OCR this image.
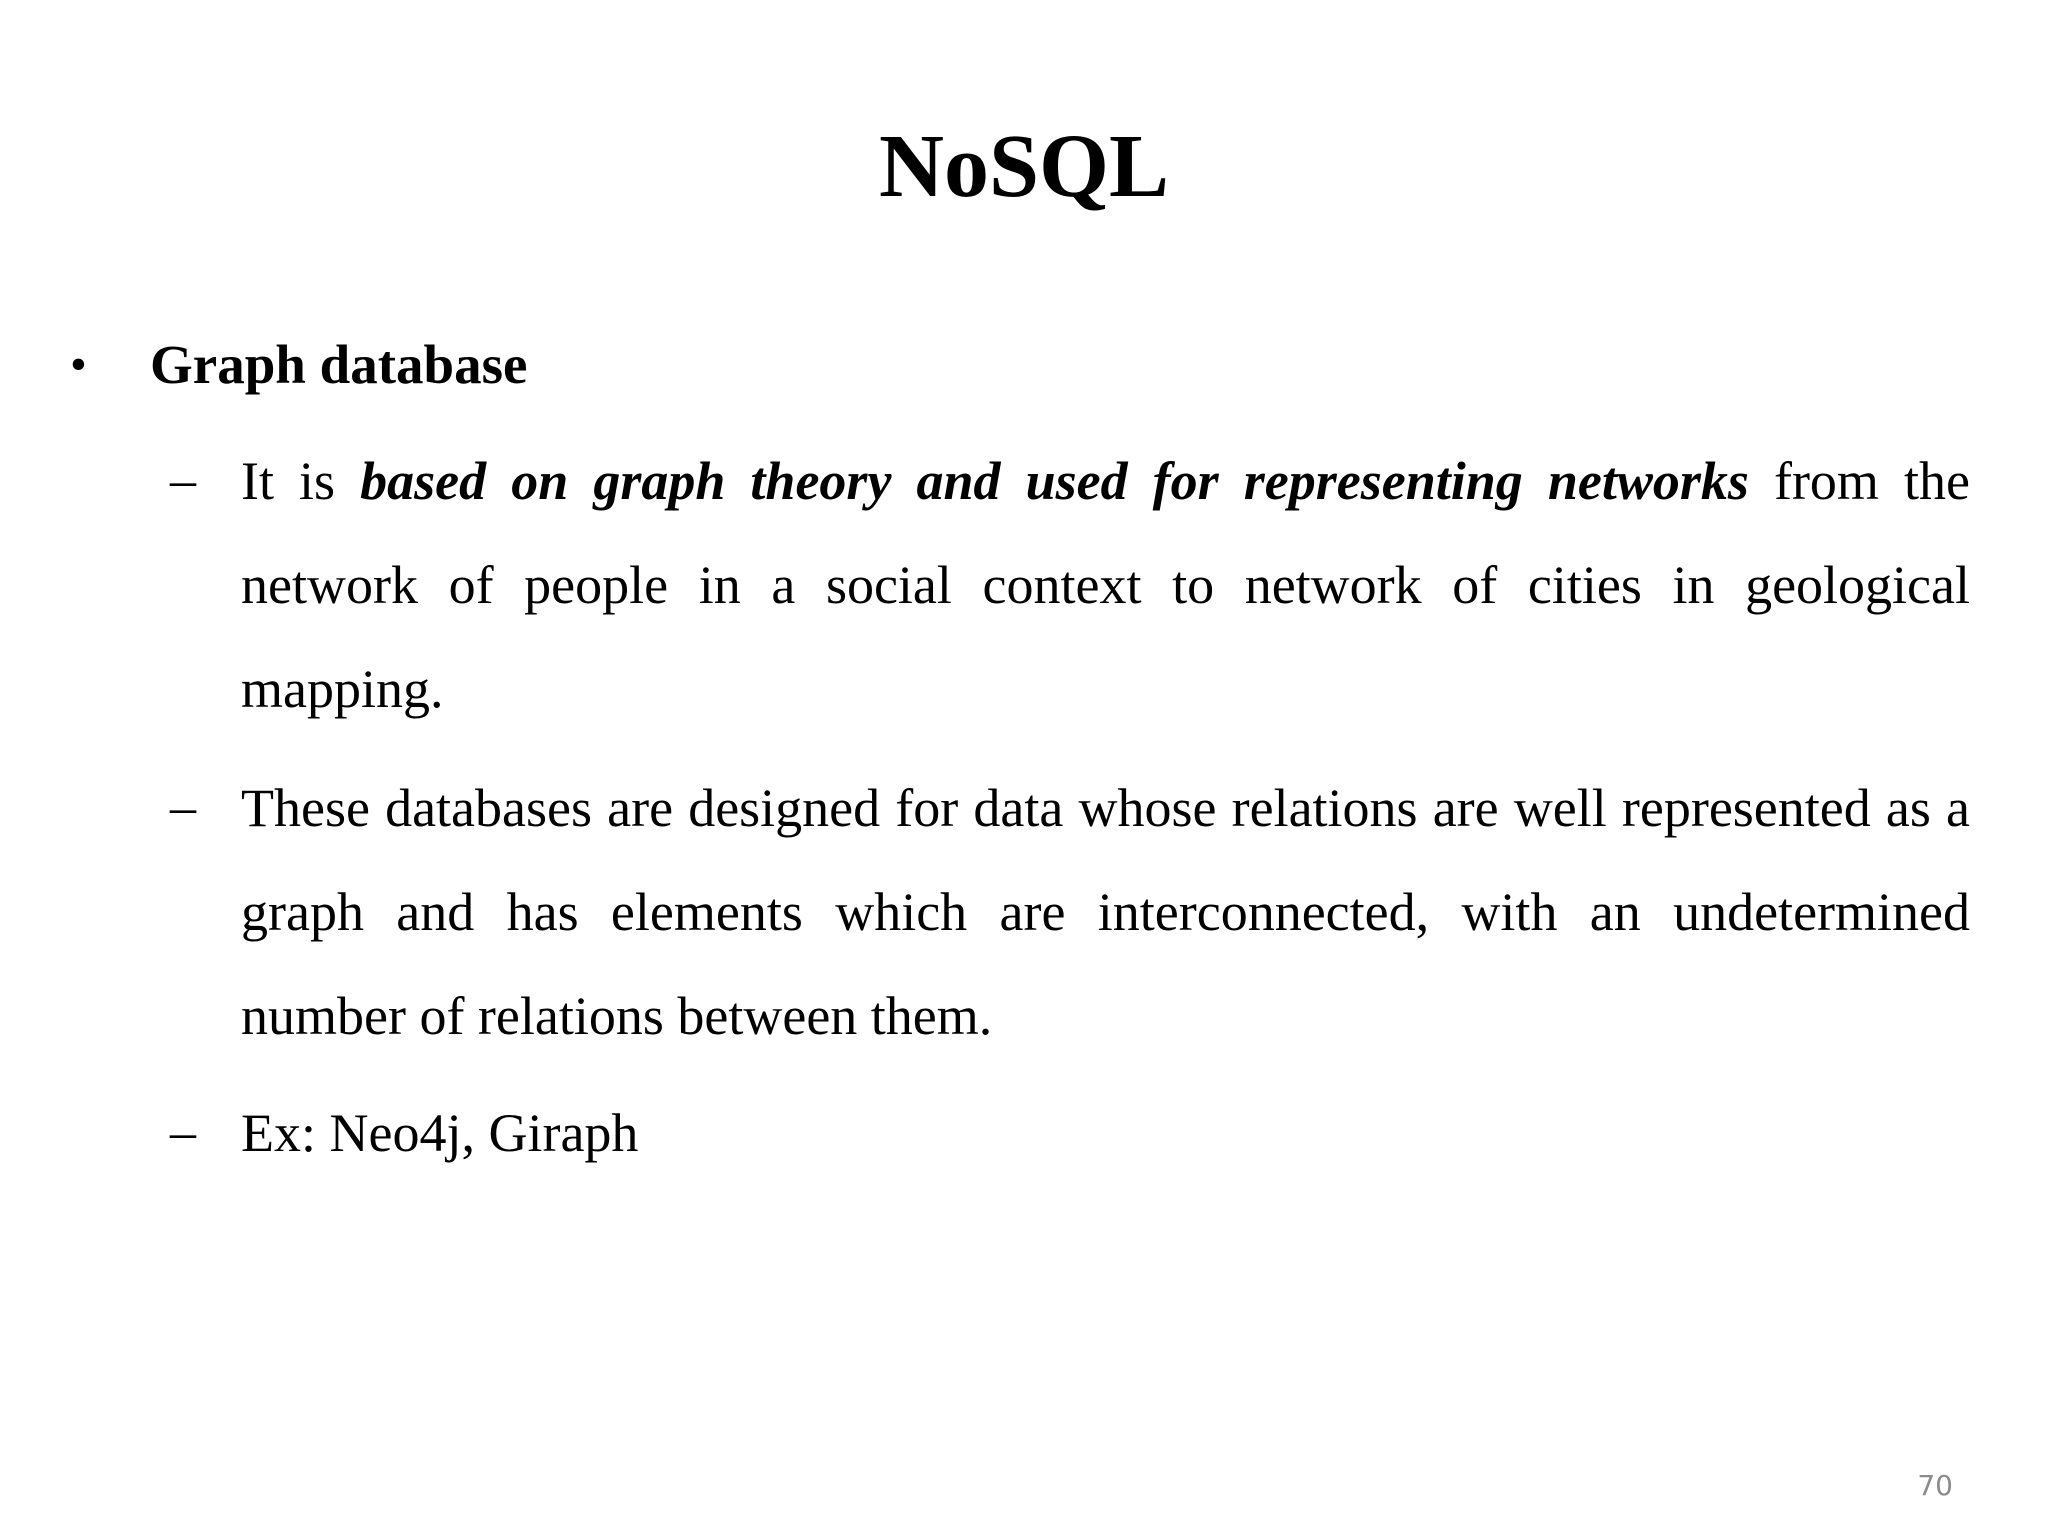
NoSQL
•	Graph database
– It is based on graph theory and used for representing networks from the network of people in a social context to network of cities in geological mapping.
– These databases are designed for data whose relations are well represented as a graph and has elements which are interconnected, with an undetermined number of relations between them.
– Ex: Neo4j, Giraph
70
